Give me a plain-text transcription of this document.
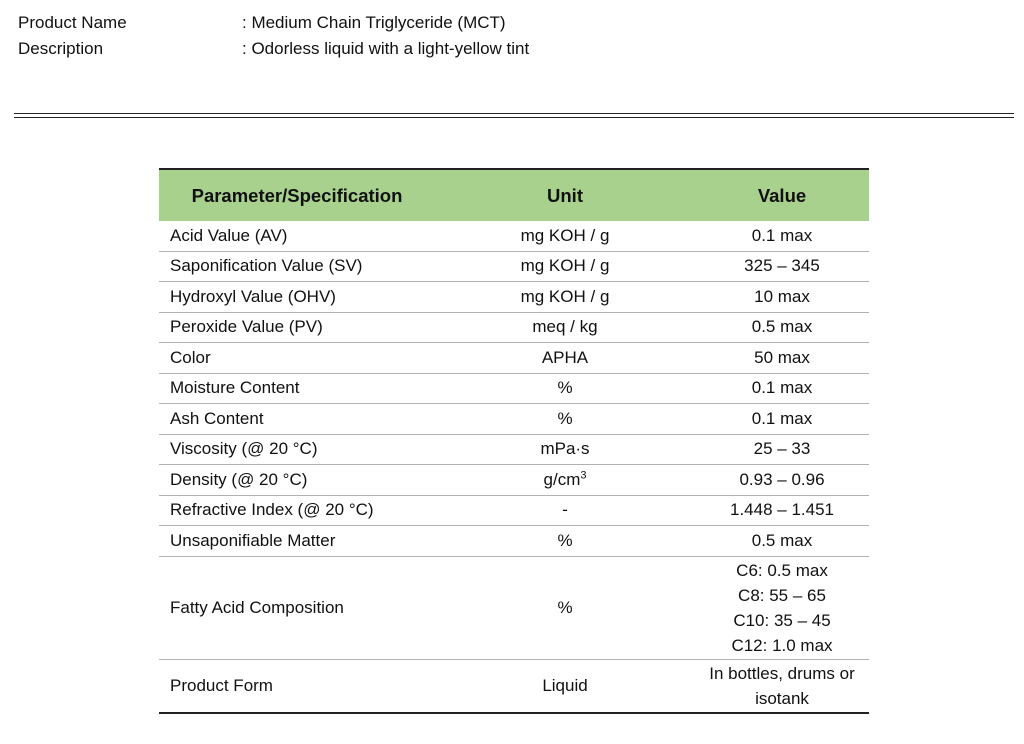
Product Name	: Medium Chain Triglyceride (MCT)
Description	: Odorless liquid with a light-yellow tint
Parameter/Specification	Unit	Value
Acid Value (AV)	mg KOH / g	0.1 max
Saponification Value (SV)	mg KOH / g	325 – 345
Hydroxyl Value (OHV)	mg KOH / g	10 max
Peroxide Value (PV)	meq / kg	0.5 max
Color	APHA	50 max
Moisture Content	%	0.1 max
Ash Content	%	0.1 max
Viscosity (@ 20 °C)	mPa·s	25 – 33
Density (@ 20 °C)	$g/cm^3$	0.93 – 0.96
Refractive Index (@ 20 °C)	-	1.448 – 1.451
Unsaponifiable Matter	%	0.5 max
Fatty Acid Composition	%	C6: 0.5 max
C8: 55 – 65
C10: 35 – 45
C12: 1.0 max

Product Form	Liquid	In bottles, drums or
isotank
